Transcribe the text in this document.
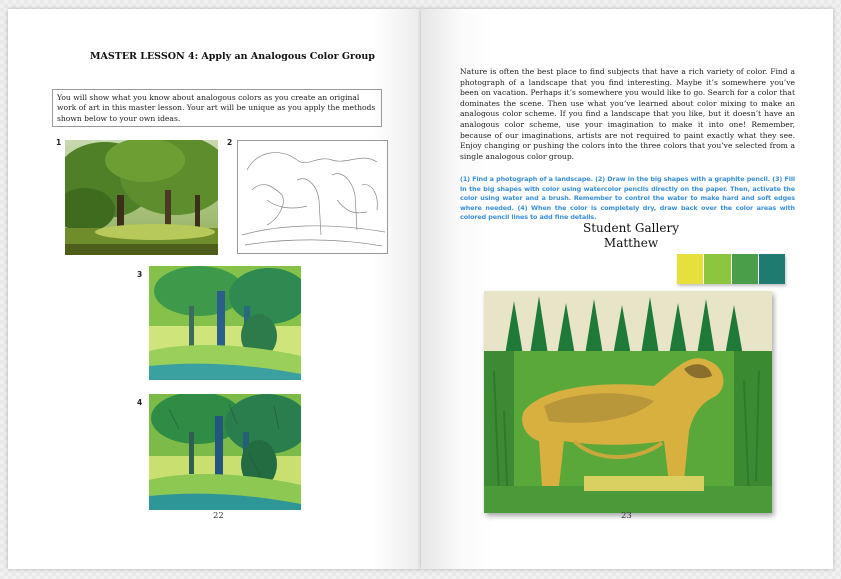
MASTER LESSON 4: Apply an Analogous Color Group
You will show what you know about analogous colors as you create an original work of art in this master lesson. Your art will be unique as you apply the methods shown below to your own ideas.
1	2
3
4
22
Nature is often the best place to find subjects that have a rich variety of color. Find a photograph of a landscape that you find interesting. Maybe it’s somewhere you’ve been on vacation. Perhaps it’s somewhere you would like to go. Search for a color that dominates the scene. Then use what you’ve learned about color mixing to make an analogous color scheme. If you find a landscape that you like, but it doesn’t have an analogous color scheme, use your imagination to make it into one! Remember, because of our imaginations, artists are not required to paint exactly what they see. Enjoy changing or pushing the colors into the three colors that you’ve selected from a single analogous color group.
(1) Find a photograph of a landscape. (2) Draw in the big shapes with a graphite pencil. (3) Fill in the big shapes with color using watercolor pencils directly on the paper. Then, activate the color using water and a brush. Remember to control the water to make hard and soft edges where needed. (4) When the color is completely dry, draw back over the color areas with colored pencil lines to add fine details.
Student Gallery
Matthew
23
